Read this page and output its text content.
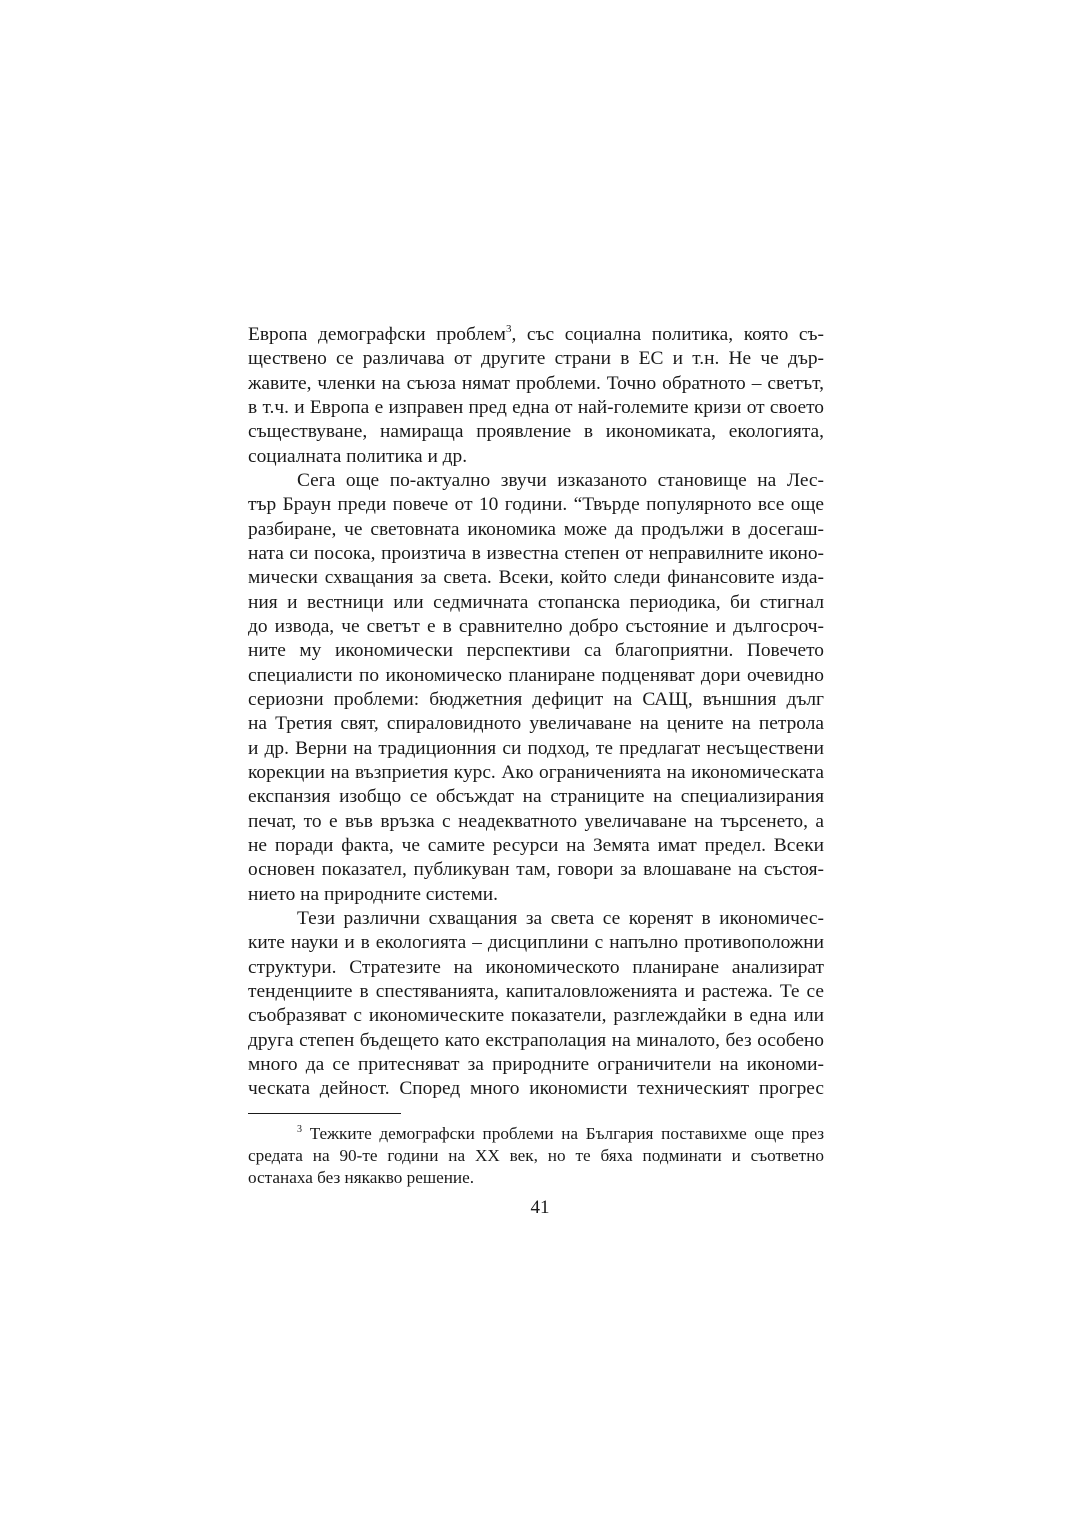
Европа демографски проблем$^3$, със социална политика, която съ-
ществено се различава от другите страни в ЕС и т.н. Не че дър-
жавите, членки на съюза нямат проблеми. Точно обратното – светът,
в т.ч. и Европа е изправен пред една от най-големите кризи от своето
съществуване, намираща проявление в икономиката, екологията,
социалната политика и др.
Сега още по-актуално звучи изказаното становище на Лес-
тър Браун преди повече от 10 години. “Твърде популярното все още
разбиране, че световната икономика може да продължи в досегаш-
ната си посока, произтича в известна степен от неправилните иконо-
мически схващания за света. Всеки, който следи финансовите изда-
ния и вестници или седмичната стопанска периодика, би стигнал
до извода, че светът е в сравнително добро състояние и дългосроч-
ните му икономически перспективи са благоприятни. Повечето
специалисти по икономическо планиране подценяват дори очевидно
сериозни проблеми: бюджетния дефицит на САЩ, външния дълг
на Третия свят, спираловидното увеличаване на цените на петрола
и др. Верни на традиционния си подход, те предлагат несъществени
корекции на възприетия курс. Ако ограниченията на икономическата
експанзия изобщо се обсъждат на страниците на специализирания
печат, то е във връзка с неадекватното увеличаване на търсенето, а
не поради факта, че самите ресурси на Земята имат предел. Всеки
основен показател, публикуван там, говори за влошаване на състоя-
нието на природните системи.
Тези различни схващания за света се коренят в икономичес-
ките науки и в екологията – дисциплини с напълно противоположни
структури. Стратезите на икономическото планиране анализират
тенденциите в спестяванията, капиталовложенията и растежа. Те се
съобразяват с икономическите показатели, разглеждайки в една или
друга степен бъдещето като екстраполация на миналото, без особено
много да се притесняват за природните ограничители на икономи-
ческата дейност. Според много икономисти техническият прогрес
$^3$ Тежките демографски проблеми на България поставихме още през
средата на 90-те години на ХХ век, но те бяха подминати и съответно
останаха без някакво решение.
41
